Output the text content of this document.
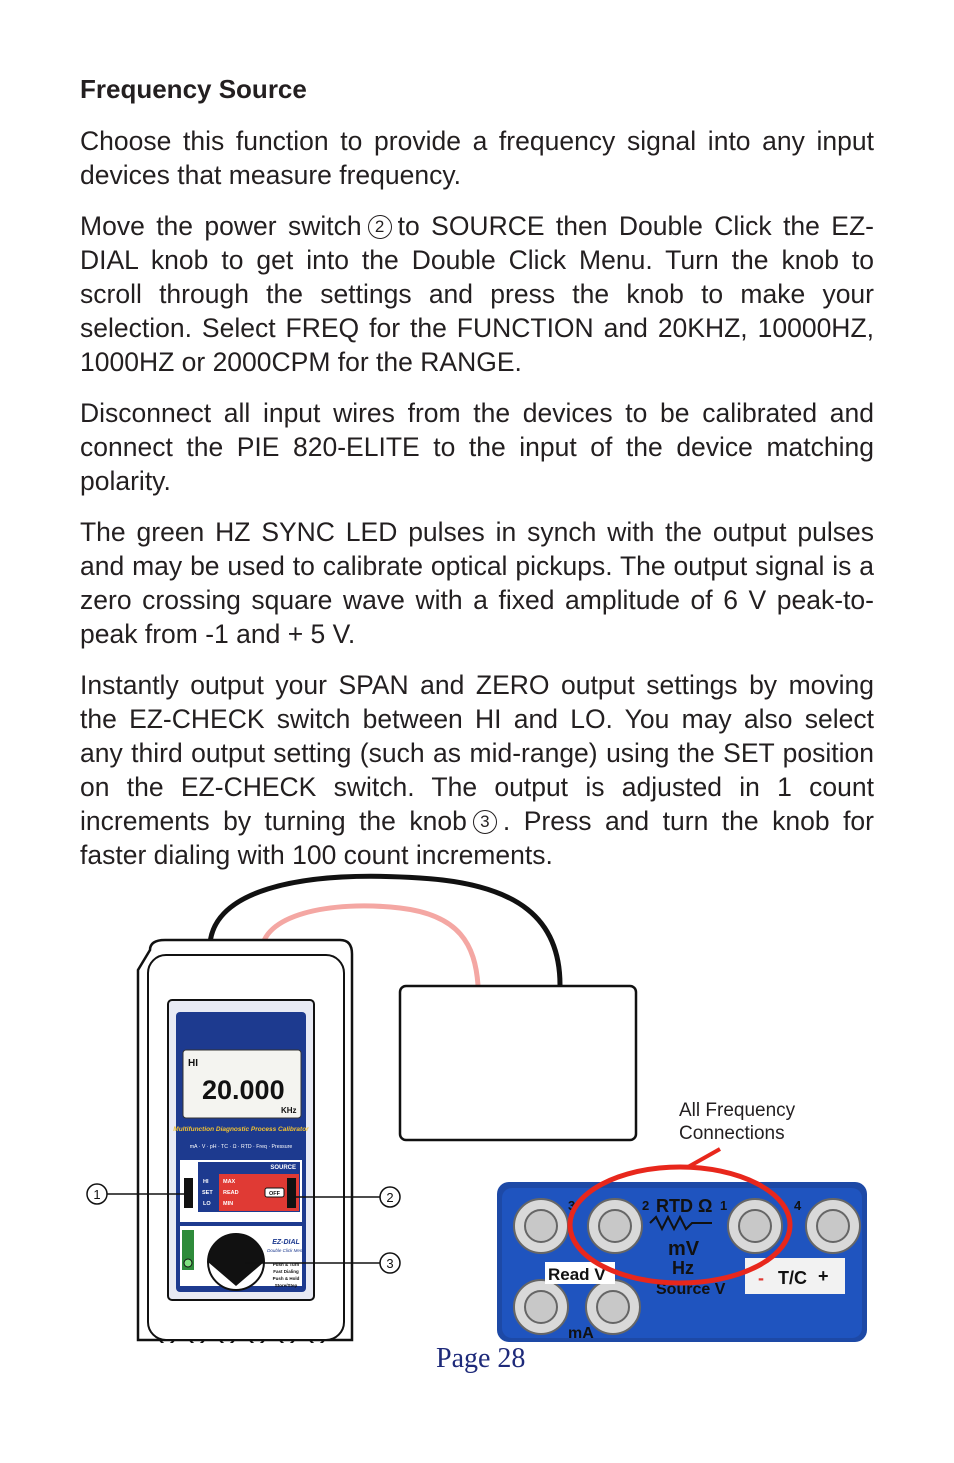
Frequency Source

Choose this function to provide a frequency signal into any input devices that measure frequency.

Move the power switch 2 to SOURCE then Double Click the EZ-DIAL knob to get into the Double Click Menu. Turn the knob to scroll through the settings and press the knob to make your selection. Select FREQ for the FUNCTION and 20KHZ, 10000HZ, 1000HZ or 2000CPM for the RANGE.

Disconnect all input wires from the devices to be calibrated and connect the PIE 820-ELITE to the input of the device matching polarity.

The green HZ SYNC LED pulses in synch with the output pulses and may be used to calibrate optical pickups. The output signal is a zero crossing square wave with a fixed amplitude of 6 V peak-to-peak from -1 and + 5 V.

Instantly output your SPAN and ZERO output settings by moving the EZ-CHECK switch between HI and LO. You may also select any third output setting (such as mid-range) using the SET position on the EZ-CHECK switch. The output is adjusted in 1 count increments by turning the knob 3 . Press and turn the knob for faster dialing with 100 count increments.

HI
20.000
KHz
Multifunction Diagnostic Process Calibrator
mA · V · pH · TC · Ω · RTD · Freq · Pressure
SOURCE
HI
SET
LO
MAX
READ
MIN
OFF
READ
EZ-CHECK™
EZ-DIAL
Double Click Menu
Push & Turn
Fast Dialing
Push & Hold
Store/Step
1	2
3
3	2 RTD Ω 1	4
mV
Hz
Source V
Read V
mA
T/C
-	+
All Frequency
Connections
Page 28
